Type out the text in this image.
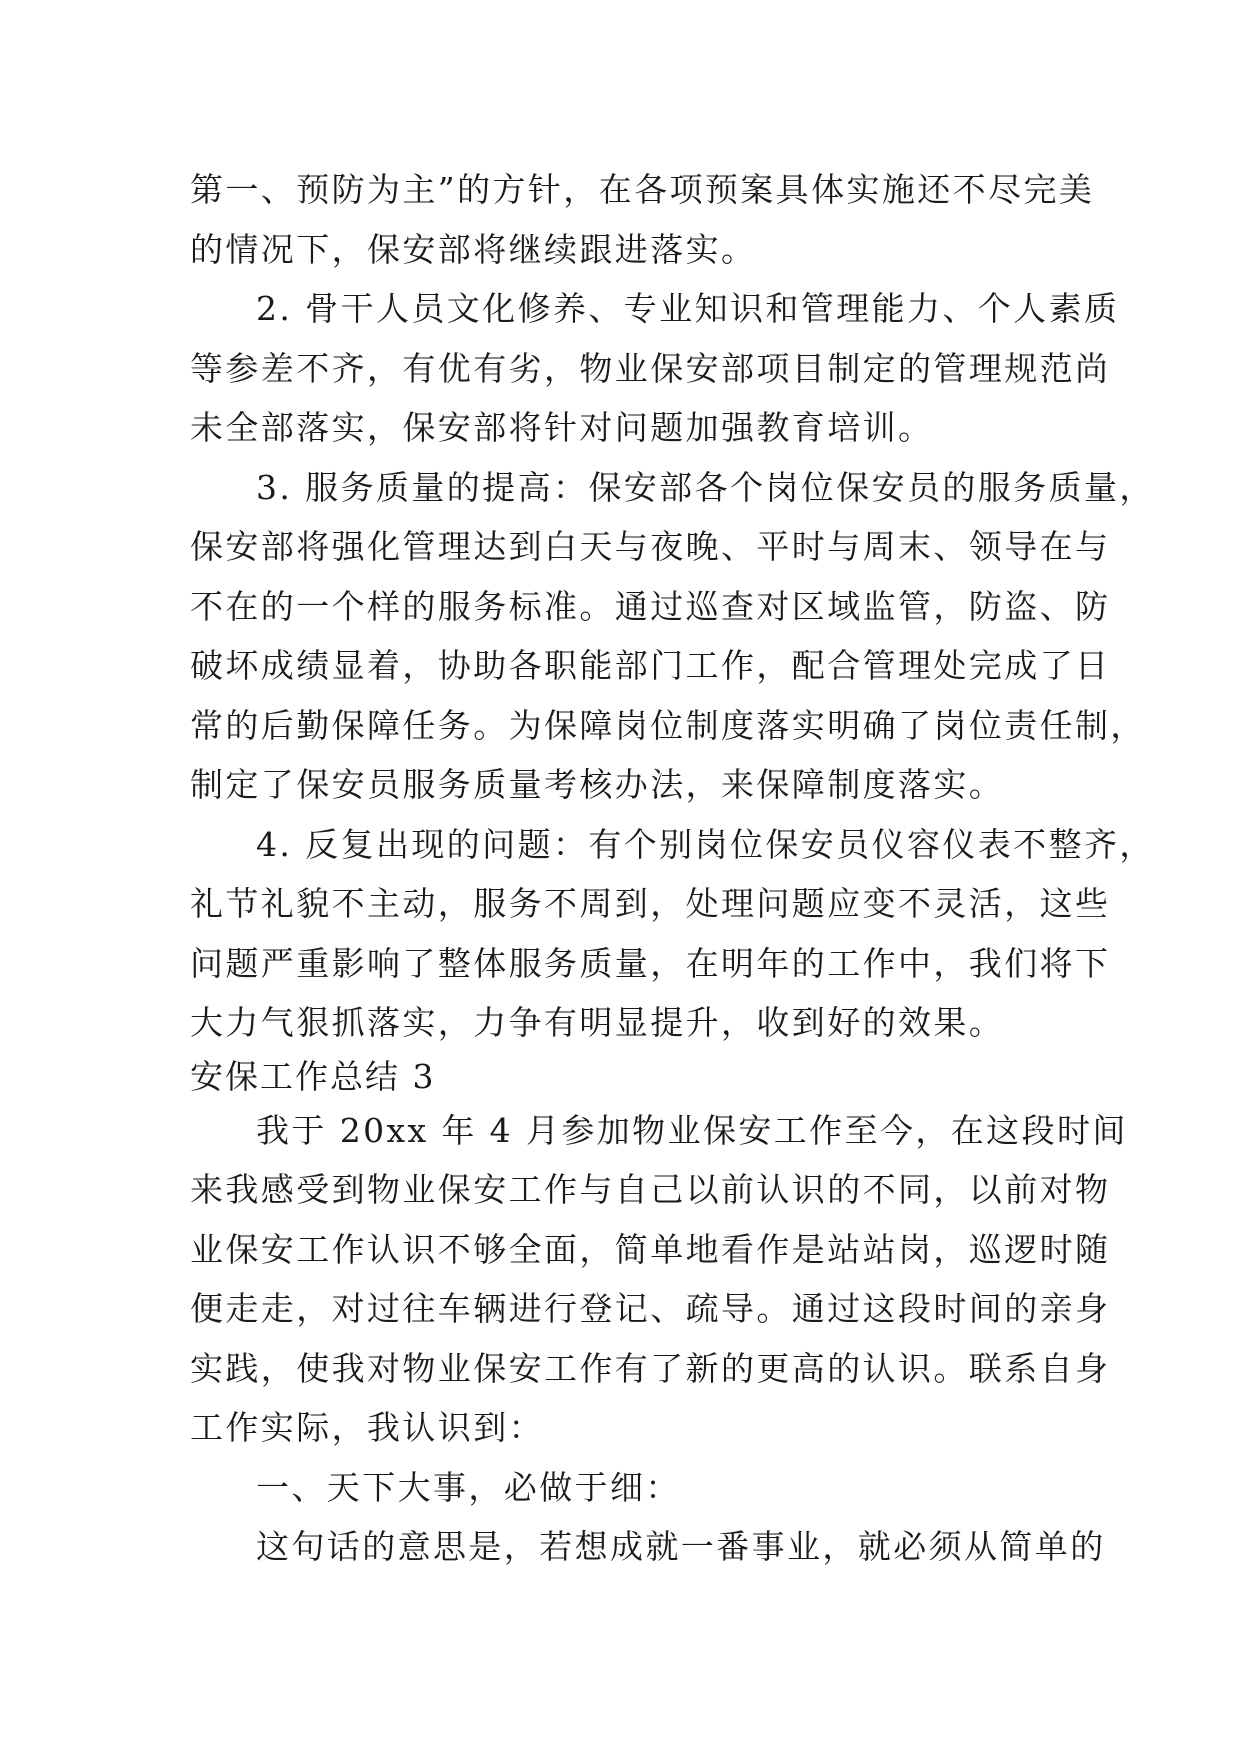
第一、预防为主”的方针，在各项预案具体实施还不尽完美
的情况下，保安部将继续跟进落实。
2. 骨干人员文化修养、专业知识和管理能力、个人素质
等参差不齐，有优有劣，物业保安部项目制定的管理规范尚
未全部落实，保安部将针对问题加强教育培训。
3. 服务质量的提高：保安部各个岗位保安员的服务质量，
保安部将强化管理达到白天与夜晚、平时与周末、领导在与
不在的一个样的服务标准。通过巡查对区域监管，防盗、防
破坏成绩显着，协助各职能部门工作，配合管理处完成了日
常的后勤保障任务。为保障岗位制度落实明确了岗位责任制，
制定了保安员服务质量考核办法，来保障制度落实。
4. 反复出现的问题：有个别岗位保安员仪容仪表不整齐，
礼节礼貌不主动，服务不周到，处理问题应变不灵活，这些
问题严重影响了整体服务质量，在明年的工作中，我们将下
大力气狠抓落实，力争有明显提升，收到好的效果。
安保工作总结 3
我于 20xx 年 4 月参加物业保安工作至今，在这段时间
来我感受到物业保安工作与自己以前认识的不同，以前对物
业保安工作认识不够全面，简单地看作是站站岗，巡逻时随
便走走，对过往车辆进行登记、疏导。通过这段时间的亲身
实践，使我对物业保安工作有了新的更高的认识。联系自身
工作实际，我认识到：
一、天下大事，必做于细：
这句话的意思是，若想成就一番事业，就必须从简单的
